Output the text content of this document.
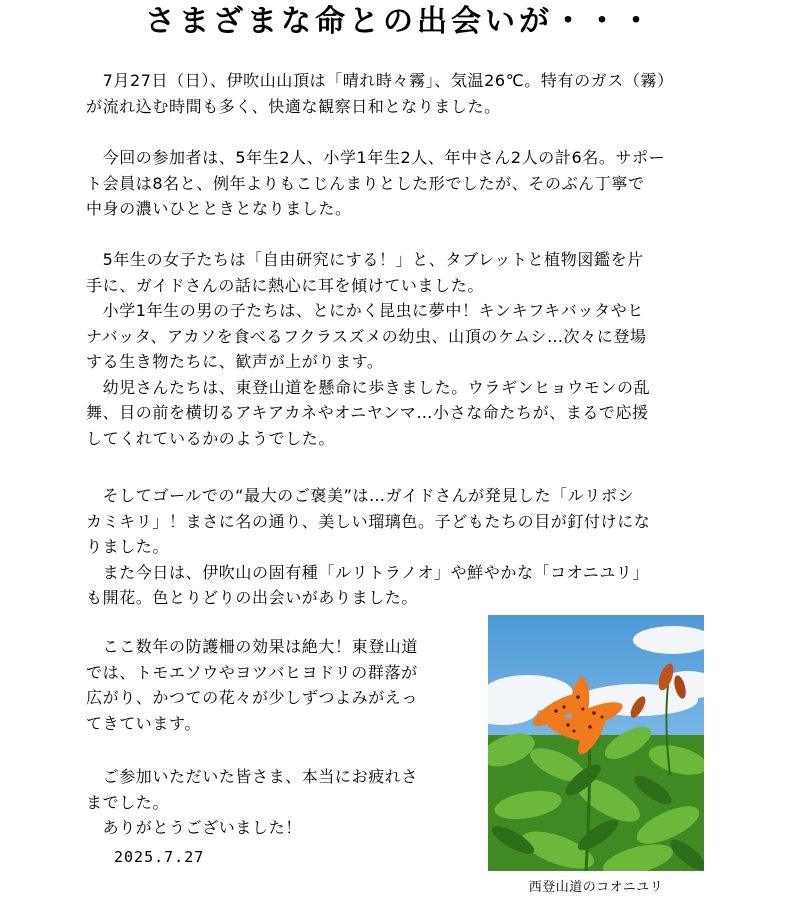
さまざまな命との出会いが・・・

　7月27日（日）、伊吹山山頂は「晴れ時々霧」、気温26℃。特有のガス（霧）
が流れ込む時間も多く、快適な観察日和となりました。

　今回の参加者は、5年生2人、小学1年生2人、年中さん2人の計6名。サポー
ト会員は8名と、例年よりもこじんまりとした形でしたが、そのぶん丁寧で
中身の濃いひとときとなりました。

　5年生の女子たちは「自由研究にする！」と、タブレットと植物図鑑を片
手に、ガイドさんの話に熱心に耳を傾けていました。
　小学1年生の男の子たちは、とにかく昆虫に夢中！キンキフキバッタやヒ
ナバッタ、アカソを食べるフクラスズメの幼虫、山頂のケムシ…次々に登場
する生き物たちに、歓声が上がります。
　幼児さんたちは、東登山道を懸命に歩きました。ウラギンヒョウモンの乱
舞、目の前を横切るアキアカネやオニヤンマ…小さな命たちが、まるで応援
してくれているかのようでした。

　そしてゴールでの“最大のご褒美”は…ガイドさんが発見した「ルリボシ
カミキリ」！まさに名の通り、美しい瑠璃色。子どもたちの目が釘付けにな
りました。
　また今日は、伊吹山の固有種「ルリトラノオ」や鮮やかな「コオニユリ」
も開花。色とりどりの出会いがありました。

　ここ数年の防護柵の効果は絶大！東登山道
では、トモエソウやヨツバヒヨドリの群落が
広がり、かつての花々が少しずつよみがえっ
てきています。

　ご参加いただいた皆さま、本当にお疲れさ
までした。
　ありがとうございました！

2025.7.27
西登山道のコオニユリ
